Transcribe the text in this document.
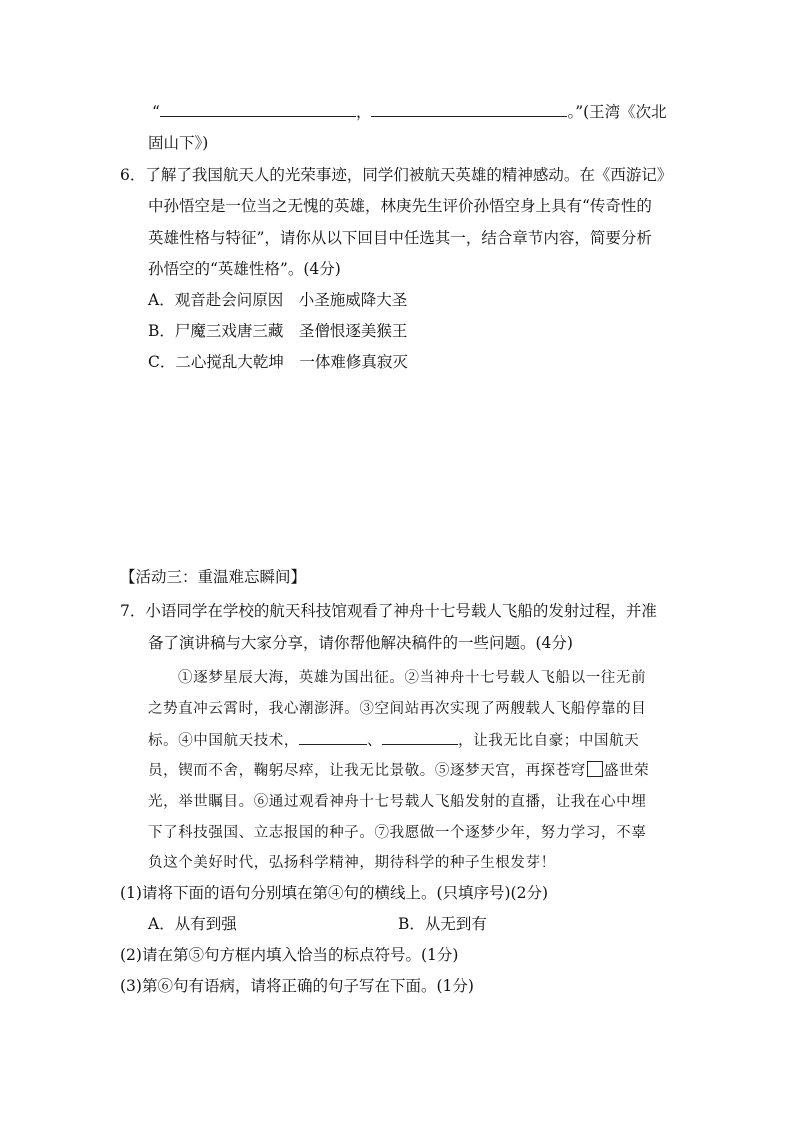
“	，	。”(王湾《次北
固山下》)
6．了解了我国航天人的光荣事迹，同学们被航天英雄的精神感动。在《西游记》
中孙悟空是一位当之无愧的英雄，林庚先生评价孙悟空身上具有“传奇性的
英雄性格与特征”，请你从以下回目中任选其一，结合章节内容，简要分析
孙悟空的“英雄性格”。(4分)
A．观音赴会问原因　小圣施威降大圣
B．尸魔三戏唐三藏　圣僧恨逐美猴王
C．二心搅乱大乾坤　一体难修真寂灭
【活动三：重温难忘瞬间】
7．小语同学在学校的航天科技馆观看了神舟十七号载人飞船的发射过程，并准
备了演讲稿与大家分享，请你帮他解决稿件的一些问题。(4分)
①逐梦星辰大海，英雄为国出征。②当神舟十七号载人飞船以一往无前
之势直冲云霄时，我心潮澎湃。③空间站再次实现了两艘载人飞船停靠的目
标。④中国航天技术，	、	，让我无比自豪；中国航天
员，锲而不舍，鞠躬尽瘁，让我无比景敬。⑤逐梦天宫，再探苍穹 盛世荣
光，举世瞩目。⑥通过观看神舟十七号载人飞船发射的直播，让我在心中埋
下了科技强国、立志报国的种子。⑦我愿做一个逐梦少年，努力学习，不辜
负这个美好时代，弘扬科学精神，期待科学的种子生根发芽！
(1)请将下面的语句分别填在第④句的横线上。(只填序号)(2分)
A．从有到强	B．从无到有
(2)请在第⑤句方框内填入恰当的标点符号。(1分)
(3)第⑥句有语病，请将正确的句子写在下面。(1分)
